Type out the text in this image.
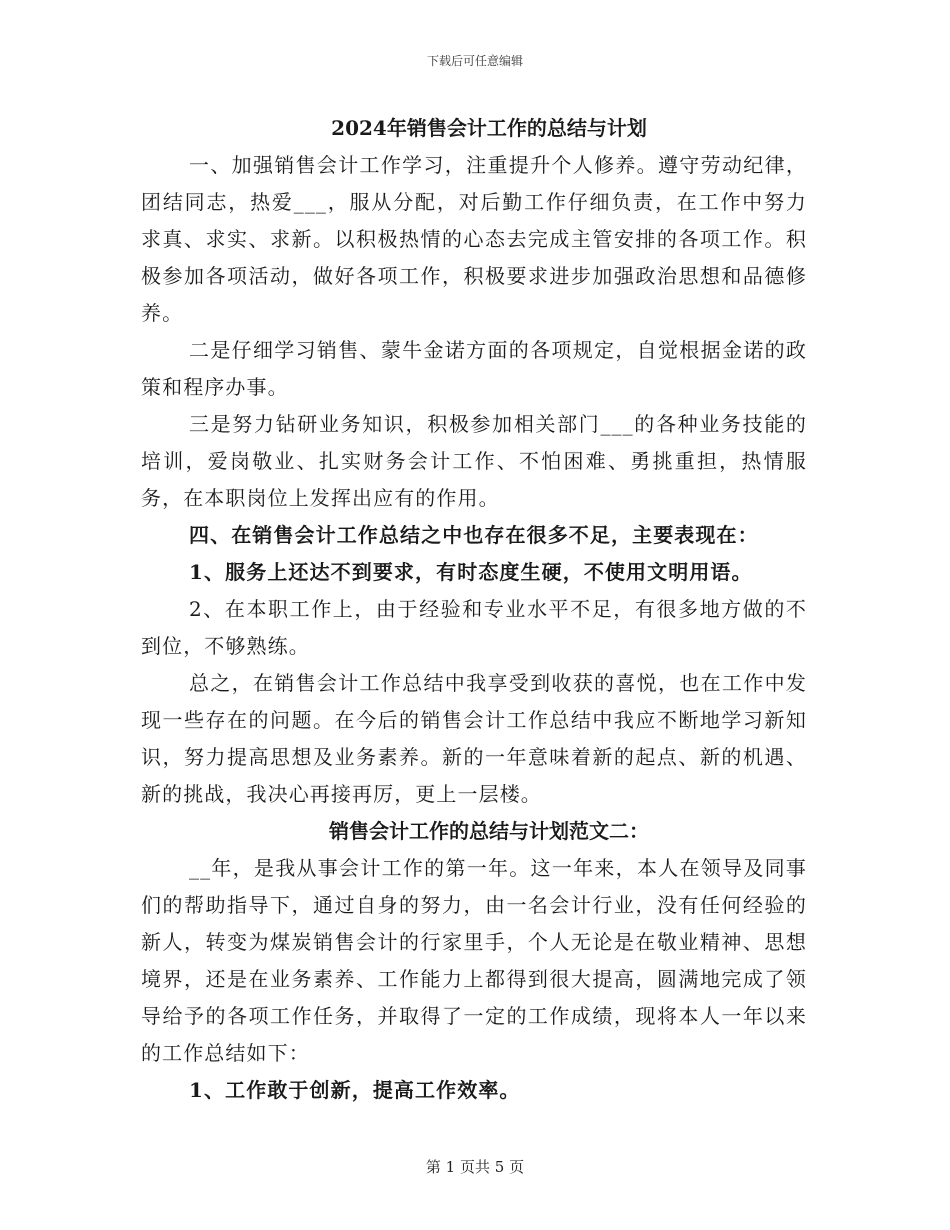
下载后可任意编辑

2024年销售会计工作的总结与计划

一、加强销售会计工作学习，注重提升个人修养。遵守劳动纪律，团结同志，热爱___，服从分配，对后勤工作仔细负责，在工作中努力求真、求实、求新。以积极热情的心态去完成主管安排的各项工作。积极参加各项活动，做好各项工作，积极要求进步加强政治思想和品德修养。

二是仔细学习销售、蒙牛金诺方面的各项规定，自觉根据金诺的政策和程序办事。

三是努力钻研业务知识，积极参加相关部门___的各种业务技能的培训，爱岗敬业、扎实财务会计工作、不怕困难、勇挑重担，热情服务，在本职岗位上发挥出应有的作用。

四、在销售会计工作总结之中也存在很多不足，主要表现在：

1、服务上还达不到要求，有时态度生硬，不使用文明用语。

2、在本职工作上，由于经验和专业水平不足，有很多地方做的不到位，不够熟练。

总之，在销售会计工作总结中我享受到收获的喜悦，也在工作中发现一些存在的问题。在今后的销售会计工作总结中我应不断地学习新知识，努力提高思想及业务素养。新的一年意味着新的起点、新的机遇、新的挑战，我决心再接再厉，更上一层楼。

销售会计工作的总结与计划范文二：

__年，是我从事会计工作的第一年。这一年来，本人在领导及同事们的帮助指导下，通过自身的努力，由一名会计行业，没有任何经验的新人，转变为煤炭销售会计的行家里手，个人无论是在敬业精神、思想境界，还是在业务素养、工作能力上都得到很大提高，圆满地完成了领导给予的各项工作任务，并取得了一定的工作成绩，现将本人一年以来的工作总结如下：

1、工作敢于创新，提高工作效率。

第 1 页共 5 页
